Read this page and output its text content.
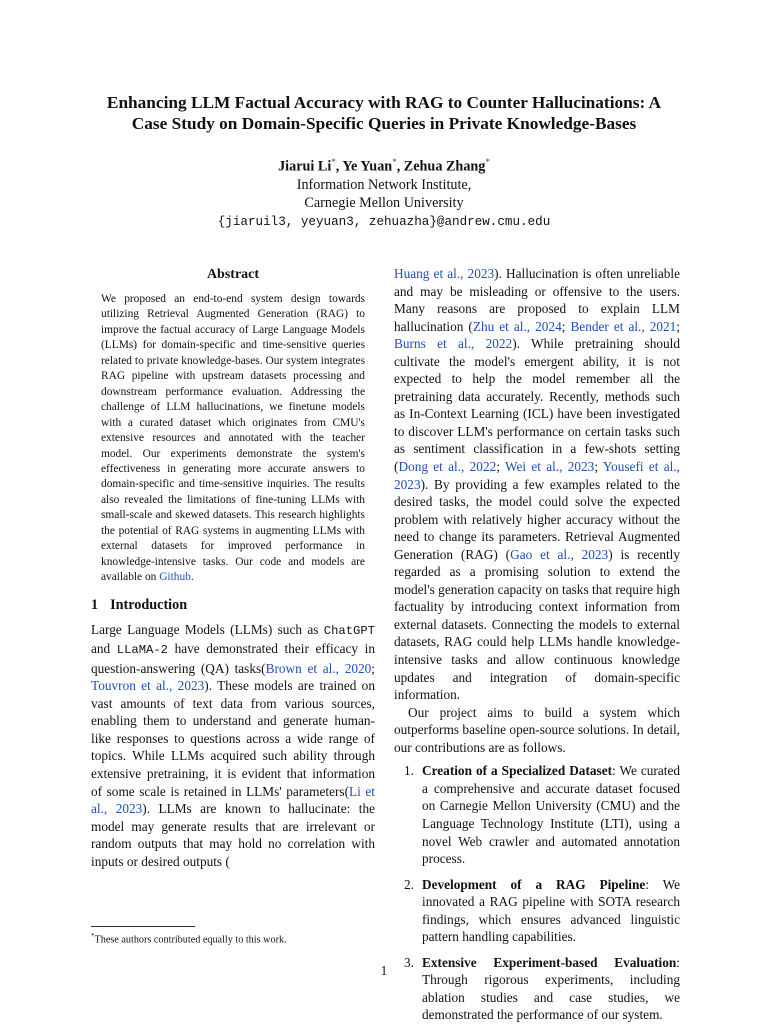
Enhancing LLM Factual Accuracy with RAG to Counter Hallucinations: A
Case Study on Domain-Specific Queries in Private Knowledge-Bases
Jiarui Li*, Ye Yuan*, Zehua Zhang*
Information Network Institute,
Carnegie Mellon University
{jiaruil3, yeyuan3, zehuazha}@andrew.cmu.edu
Abstract

We proposed an end-to-end system design towards utilizing Retrieval Augmented Generation (RAG) to improve the factual accuracy of Large Language Models (LLMs) for domain-specific and time-sensitive queries related to private knowledge-bases. Our system integrates RAG pipeline with upstream datasets processing and downstream performance evaluation. Addressing the challenge of LLM hallucinations, we finetune models with a curated dataset which originates from CMU's extensive resources and annotated with the teacher model. Our experiments demonstrate the system's effectiveness in generating more accurate answers to domain-specific and time-sensitive inquiries. The results also revealed the limitations of fine-tuning LLMs with small-scale and skewed datasets. This research highlights the potential of RAG systems in augmenting LLMs with external datasets for improved performance in knowledge-intensive tasks. Our code and models are available on Github.

1 Introduction

Large Language Models (LLMs) such as ChatGPT and LLaMA-2 have demonstrated their efficacy in question-answering (QA) tasks(Brown et al., 2020; Touvron et al., 2023). These models are trained on vast amounts of text data from various sources, enabling them to understand and generate human-like responses to questions across a wide range of topics. While LLMs acquired such ability through extensive pretraining, it is evident that information of some scale is retained in LLMs' parameters(Li et al., 2023). LLMs are known to hallucinate: the model may generate results that are irrelevant or random outputs that may hold no correlation with inputs or desired outputs (

Huang et al., 2023). Hallucination is often unreliable and may be misleading or offensive to the users. Many reasons are proposed to explain LLM hallucination (Zhu et al., 2024; Bender et al., 2021; Burns et al., 2022). While pretraining should cultivate the model's emergent ability, it is not expected to help the model remember all the pretraining data accurately. Recently, methods such as In-Context Learning (ICL) have been investigated to discover LLM's performance on certain tasks such as sentiment classification in a few-shots setting (Dong et al., 2022; Wei et al., 2023; Yousefi et al., 2023). By providing a few examples related to the desired tasks, the model could solve the expected problem with relatively higher accuracy without the need to change its parameters. Retrieval Augmented Generation (RAG) (Gao et al., 2023) is recently regarded as a promising solution to extend the model's generation capacity on tasks that require high factuality by introducing context information from external datasets. Connecting the models to external datasets, RAG could help LLMs handle knowledge-intensive tasks and allow continuous knowledge updates and integration of domain-specific information.

Our project aims to build a system which outperforms baseline open-source solutions. In detail, our contributions are as follows.

1. Creation of a Specialized Dataset: We curated a comprehensive and accurate dataset focused on Carnegie Mellon University (CMU) and the Language Technology Institute (LTI), using a novel Web crawler and automated annotation process.
2. Development of a RAG Pipeline: We innovated a RAG pipeline with SOTA research findings, which ensures advanced linguistic pattern handling capabilities.
3. Extensive Experiment-based Evaluation: Through rigorous experiments, including ablation studies and case studies, we demonstrated the performance of our system.
*These authors contributed equally to this work.
1
